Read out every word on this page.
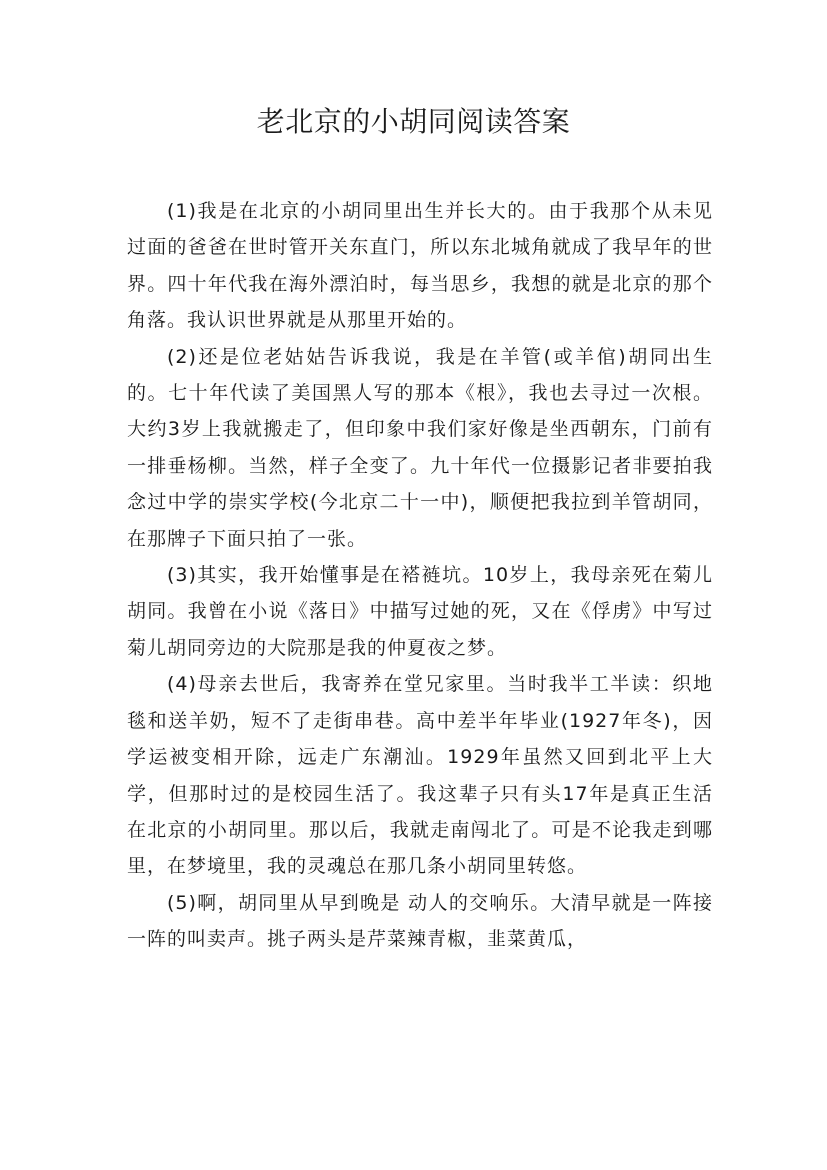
老北京的小胡同阅读答案

(1)我是在北京的小胡同里出生并长大的。由于我那个从未见过面的爸爸在世时管开关东直门，所以东北城角就成了我早年的世界。四十年代我在海外漂泊时，每当思乡，我想的就是北京的那个角落。我认识世界就是从那里开始的。

(2)还是位老姑姑告诉我说，我是在羊管(或羊倌)胡同出生的。七十年代读了美国黑人写的那本《根》，我也去寻过一次根。大约3岁上我就搬走了，但印象中我们家好像是坐西朝东，门前有一排垂杨柳。当然，样子全变了。九十年代一位摄影记者非要拍我念过中学的崇实学校(今北京二十一中)，顺便把我拉到羊管胡同，在那牌子下面只拍了一张。

(3)其实，我开始懂事是在褡裢坑。10岁上，我母亲死在菊儿胡同。我曾在小说《落日》中描写过她的死，又在《俘虏》中写过菊儿胡同旁边的大院那是我的仲夏夜之梦。

(4)母亲去世后，我寄养在堂兄家里。当时我半工半读：织地毯和送羊奶，短不了走街串巷。高中差半年毕业(1927年冬)，因学运被变相开除，远走广东潮汕。1929年虽然又回到北平上大学，但那时过的是校园生活了。我这辈子只有头17年是真正生活在北京的小胡同里。那以后，我就走南闯北了。可是不论我走到哪里，在梦境里，我的灵魂总在那几条小胡同里转悠。

(5)啊，胡同里从早到晚是 动人的交响乐。大清早就是一阵接一阵的叫卖声。挑子两头是芹菜辣青椒，韭菜黄瓜，
